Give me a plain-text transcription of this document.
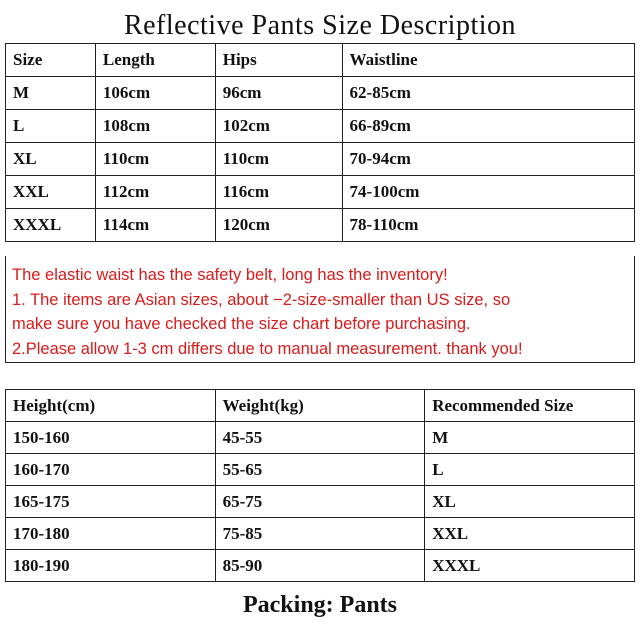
Reflective Pants Size Description
Size	Length	Hips	Waistline
M	106cm	96cm	62-85cm
L	108cm	102cm	66-89cm
XL	110cm	110cm	70-94cm
XXL	112cm	116cm	74-100cm
XXXL	114cm	120cm	78-110cm
The elastic waist has the safety belt, long has the inventory!
1. The items are Asian sizes, about −2-size-smaller than US size, so
make sure you have checked the size chart before purchasing.
2.Please allow 1-3 cm differs due to manual measurement. thank you!
Height(cm)	Weight(kg)	Recommended Size
150-160	45-55	M
160-170	55-65	L
165-175	65-75	XL
170-180	75-85	XXL
180-190	85-90	XXXL
Packing: Pants
